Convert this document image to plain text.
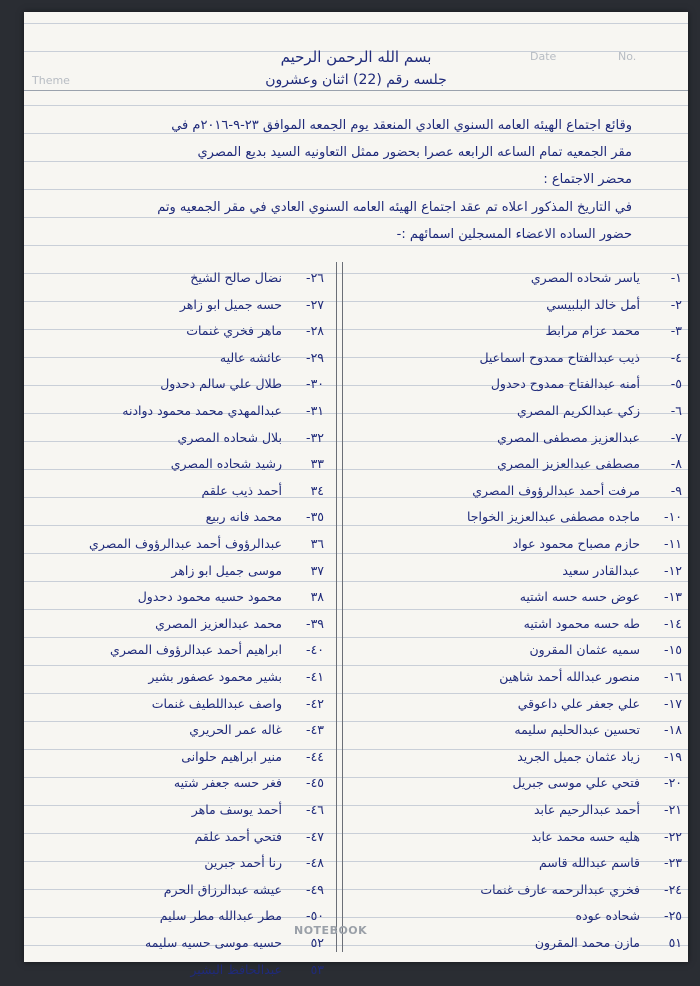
Theme
Date	No.
بسم الله الرحمن الرحيم
جلسه رقم (22) اثنان وعشرون
وقائع اجتماع الهيئه العامه السنوي العادي المنعقد يوم الجمعه الموافق ٢٣-٩-٢٠١٦م في
مقر الجمعيه تمام الساعه الرابعه عصرا بحضور ممثل التعاونيه السيد بديع المصري
محضر الاجتماع :
في التاريخ المذكور اعلاه تم عقد اجتماع الهيئه العامه السنوي العادي في مقر الجمعيه وتم
حضور الساده الاعضاء المسجلين اسمائهم :-
١-
ياسر شحاده المصري
٢-
أمل خالد البلبيسي
٣-
محمد عزام مرابط
٤-
ذيب عبدالفتاح ممدوح اسماعيل
٥-
أمنه عبدالفتاح ممدوح دحدول
٦-
زكي عبدالكريم المصري
٧-
عبدالعزيز مصطفى المصري
٨-
مصطفى عبدالعزيز المصري
٩-
مرفت أحمد عبدالرؤوف المصري
١٠-
ماجده مصطفى عبدالعزيز الخواجا
١١-
حازم مصباح محمود عواد
١٢-
عبدالقادر سعيد
١٣-
عوض حسه حسه اشتيه
١٤-
طه حسه محمود اشتيه
١٥-
سميه عثمان المقرون
١٦-
منصور عبدالله أحمد شاهين
١٧-
علي جعفر علي داعوقي
١٨-
تحسين عبدالحليم سليمه
١٩-
زياد عثمان جميل الجريد
٢٠-
فتحي علي موسى جبريل
٢١-
أحمد عبدالرحيم عابد
٢٢-
هليه حسه محمد عابد
٢٣-
قاسم عبدالله قاسم
٢٤-
فخري عبدالرحمه عارف غنمات
٢٥-
شحاده عوده
٥١
مازن محمد المقرون
٢٦-
نضال صالح الشيخ
٢٧-
حسه جميل ابو زاهر
٢٨-
ماهر فخري غنمات
٢٩-
عائشه عاليه
٣٠-
طلال علي سالم دحدول
٣١-
عبدالمهدي محمد محمود دوادنه
٣٢-
بلال شحاده المصري
٣٣
رشيد شحاده المصري
٣٤
أحمد ذيب علقم
٣٥-
محمد فانه ربيع
٣٦
عبدالرؤوف أحمد عبدالرؤوف المصري
٣٧
موسى جميل ابو زاهر
٣٨
محمود حسيه محمود دحدول
٣٩-
محمد عبدالعزيز المصري
٤٠-
ابراهيم أحمد عبدالرؤوف المصري
٤١-
بشير محمود عصفور بشير
٤٢-
واصف عبداللطيف غنمات
٤٣-
غاله عمر الحريري
٤٤-
منير ابراهيم حلوانى
٤٥-
فغر حسه جعفر شتيه
٤٦-
أحمد يوسف ماهر
٤٧-
فتحي أحمد علقم
٤٨-
رنا أحمد جبرين
٤٩-
عيشه عبدالرزاق الحرم
٥٠-
مطر عبدالله مطر سليم
٥٢
حسيه موسى حسيه سليمه
٥٣
عبدالحافظ البشير
NOTEBOOK
